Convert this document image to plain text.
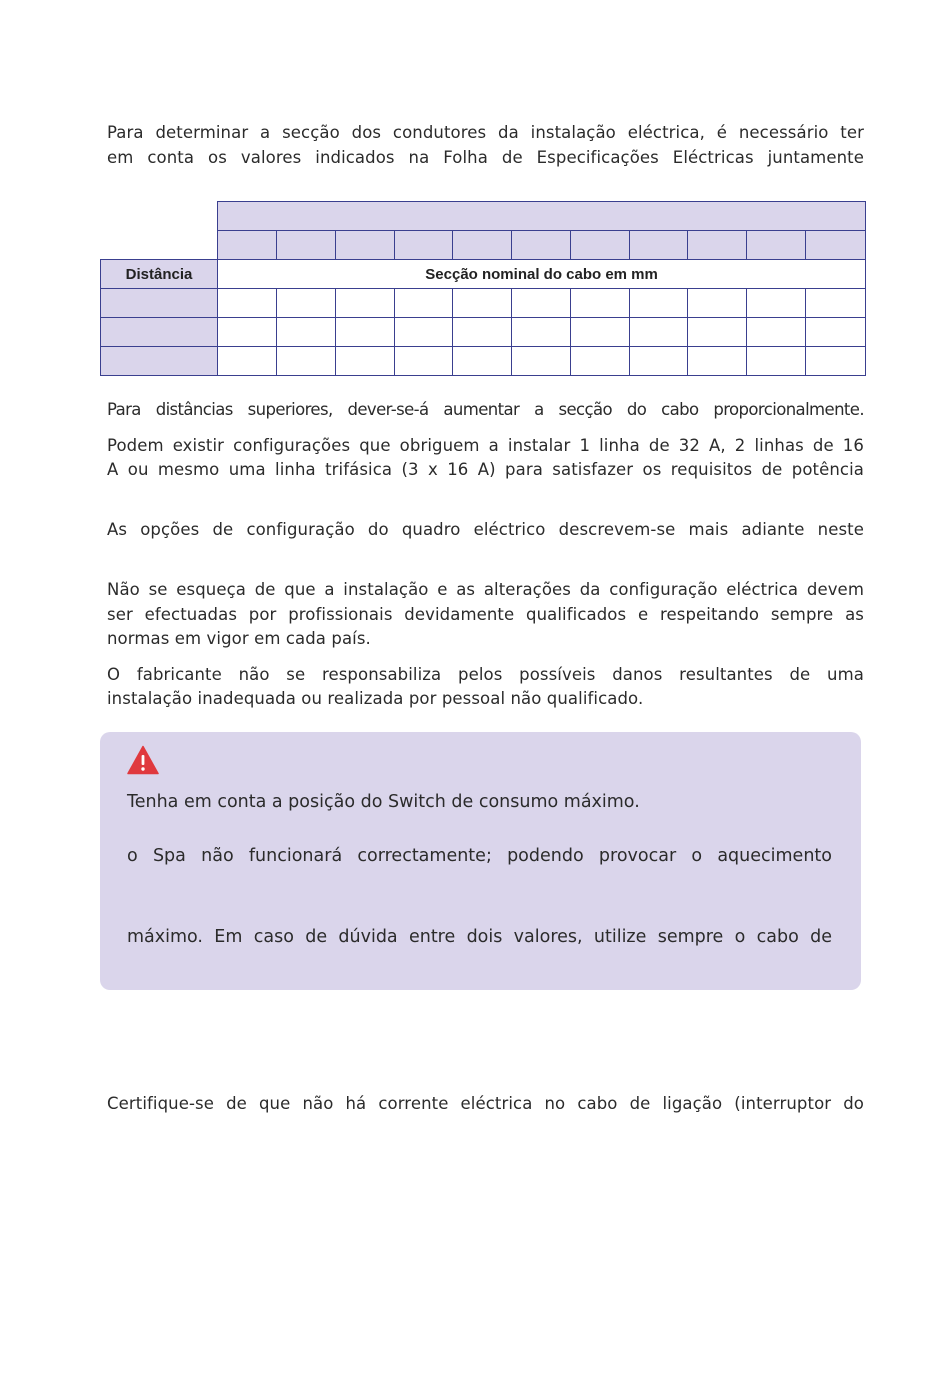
Para determinar a secção dos condutores da instalação eléctrica, é necessário ter

em conta os valores indicados na Folha de Especificações Eléctricas juntamente

Distância	Secção nominal do cabo em mm										

Para distâncias superiores, dever-se-á aumentar a secção do cabo proporcionalmente.

Podem existir configurações que obriguem a instalar 1 linha de 32 A, 2 linhas de 16

A ou mesmo uma linha trifásica (3 x 16 A) para satisfazer os requisitos de potência

As opções de configuração do quadro eléctrico descrevem-se mais adiante neste

Não se esqueça de que a instalação e as alterações da configuração eléctrica devem

ser efectuadas por profissionais devidamente qualificados e respeitando sempre as

normas em vigor em cada país.

O fabricante não se responsabiliza pelos possíveis danos resultantes de uma

instalação inadequada ou realizada por pessoal não qualificado.

Tenha em conta a posição do Switch de consumo máximo.

o Spa não funcionará correctamente; podendo provocar o aquecimento

máximo. Em caso de dúvida entre dois valores, utilize sempre o cabo de

Certifique-se de que não há corrente eléctrica no cabo de ligação (interruptor do
